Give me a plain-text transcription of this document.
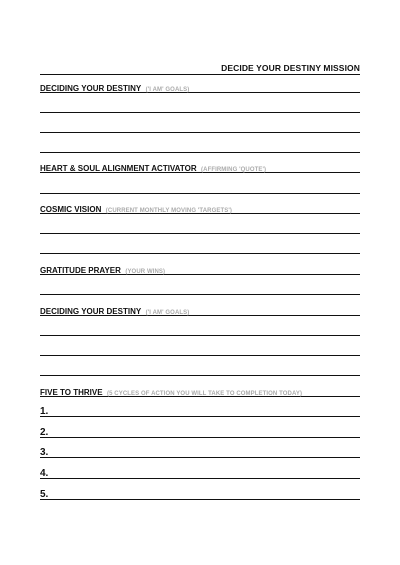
DECIDE YOUR DESTINY MISSION
DECIDING YOUR DESTINY ('I AM' GOALS)
HEART & SOUL ALIGNMENT ACTIVATOR (AFFIRMING 'QUOTE')
COSMIC VISION (CURRENT MONTHLY MOVING 'TARGETS')
GRATITUDE PRAYER (YOUR WINS)
DECIDING YOUR DESTINY ('I AM' GOALS)
FIVE TO THRIVE (5 CYCLES OF ACTION YOU WILL TAKE TO COMPLETION TODAY)
1.
2.
3.
4.
5.
